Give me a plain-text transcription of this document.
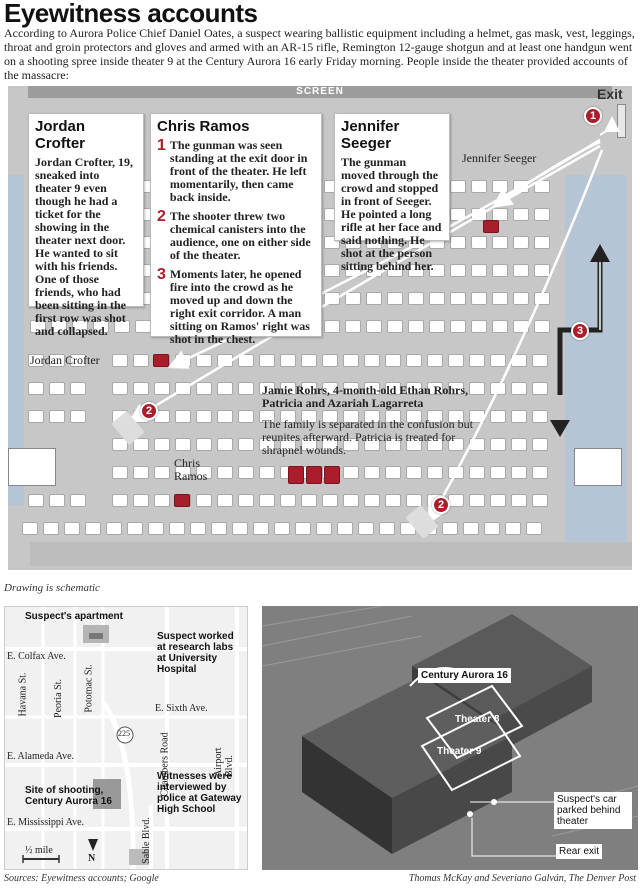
Eyewitness accounts
According to Aurora Police Chief Daniel Oates, a suspect wearing ballistic equipment including a helmet, gas mask, vest, leggings, throat and groin protectors and gloves and armed with an AR-15 rifle, Remington 12-gauge shotgun and at least one handgun went on a shooting spree inside theater 9 at the Century Aurora 16 early Friday morning. People inside the theater provided accounts of the massacre:
SCREEN	Exit
1
2
2
3
Jordan Crofter

Jordan Crofter, 19, sneaked into theater 9 even though he had a ticket for the showing in the theater next door. He wanted to sit with his friends. One of those friends, who had been sitting in the first row was shot and collapsed.

Chris Ramos
1 The gunman was seen standing at the exit door in front of the theater. He left momentarily, then came back inside.

2 The shooter threw two chemical canisters into the audience, one on either side of the theater.

3 Moments later, he opened fire into the crowd as he moved up and down the right exit corridor. A man sitting on Ramos' right was shot in the chest.

Jennifer Seeger

The gunman moved through the crowd and stopped in front of Seeger. He pointed a long rifle at her face and said nothing. He shot at the person sitting behind her.

Jennifer Seeger
Jordan Crofter
Chris
Ramos
Jamie Rohrs, 4-month-old Ethan Rohrs, Patricia and Azariah Lagarreta
The family is separated in the confusion but reunites afterward. Patricia is treated for shrapnel wounds.
Drawing is schematic
225
Suspect's apartment
Suspect worked at research labs at University Hospital
E. Colfax Ave.
E. Sixth Ave.
E. Alameda Ave.
E. Mississippi Ave.
Havana St. Peoria St. Potomac St.
Chambers Road	Airport Blvd.
Sable Blvd.
Site of shooting, Century Aurora 16
Witnesses were interviewed by police at Gateway High School
½ mile
N
Century Aurora 16
Theater 8
Theater 9
Suspect's car parked behind theater
Rear exit
Sources: Eyewitness accounts; Google	Thomas McKay and Severiano Galván, The Denver Post
